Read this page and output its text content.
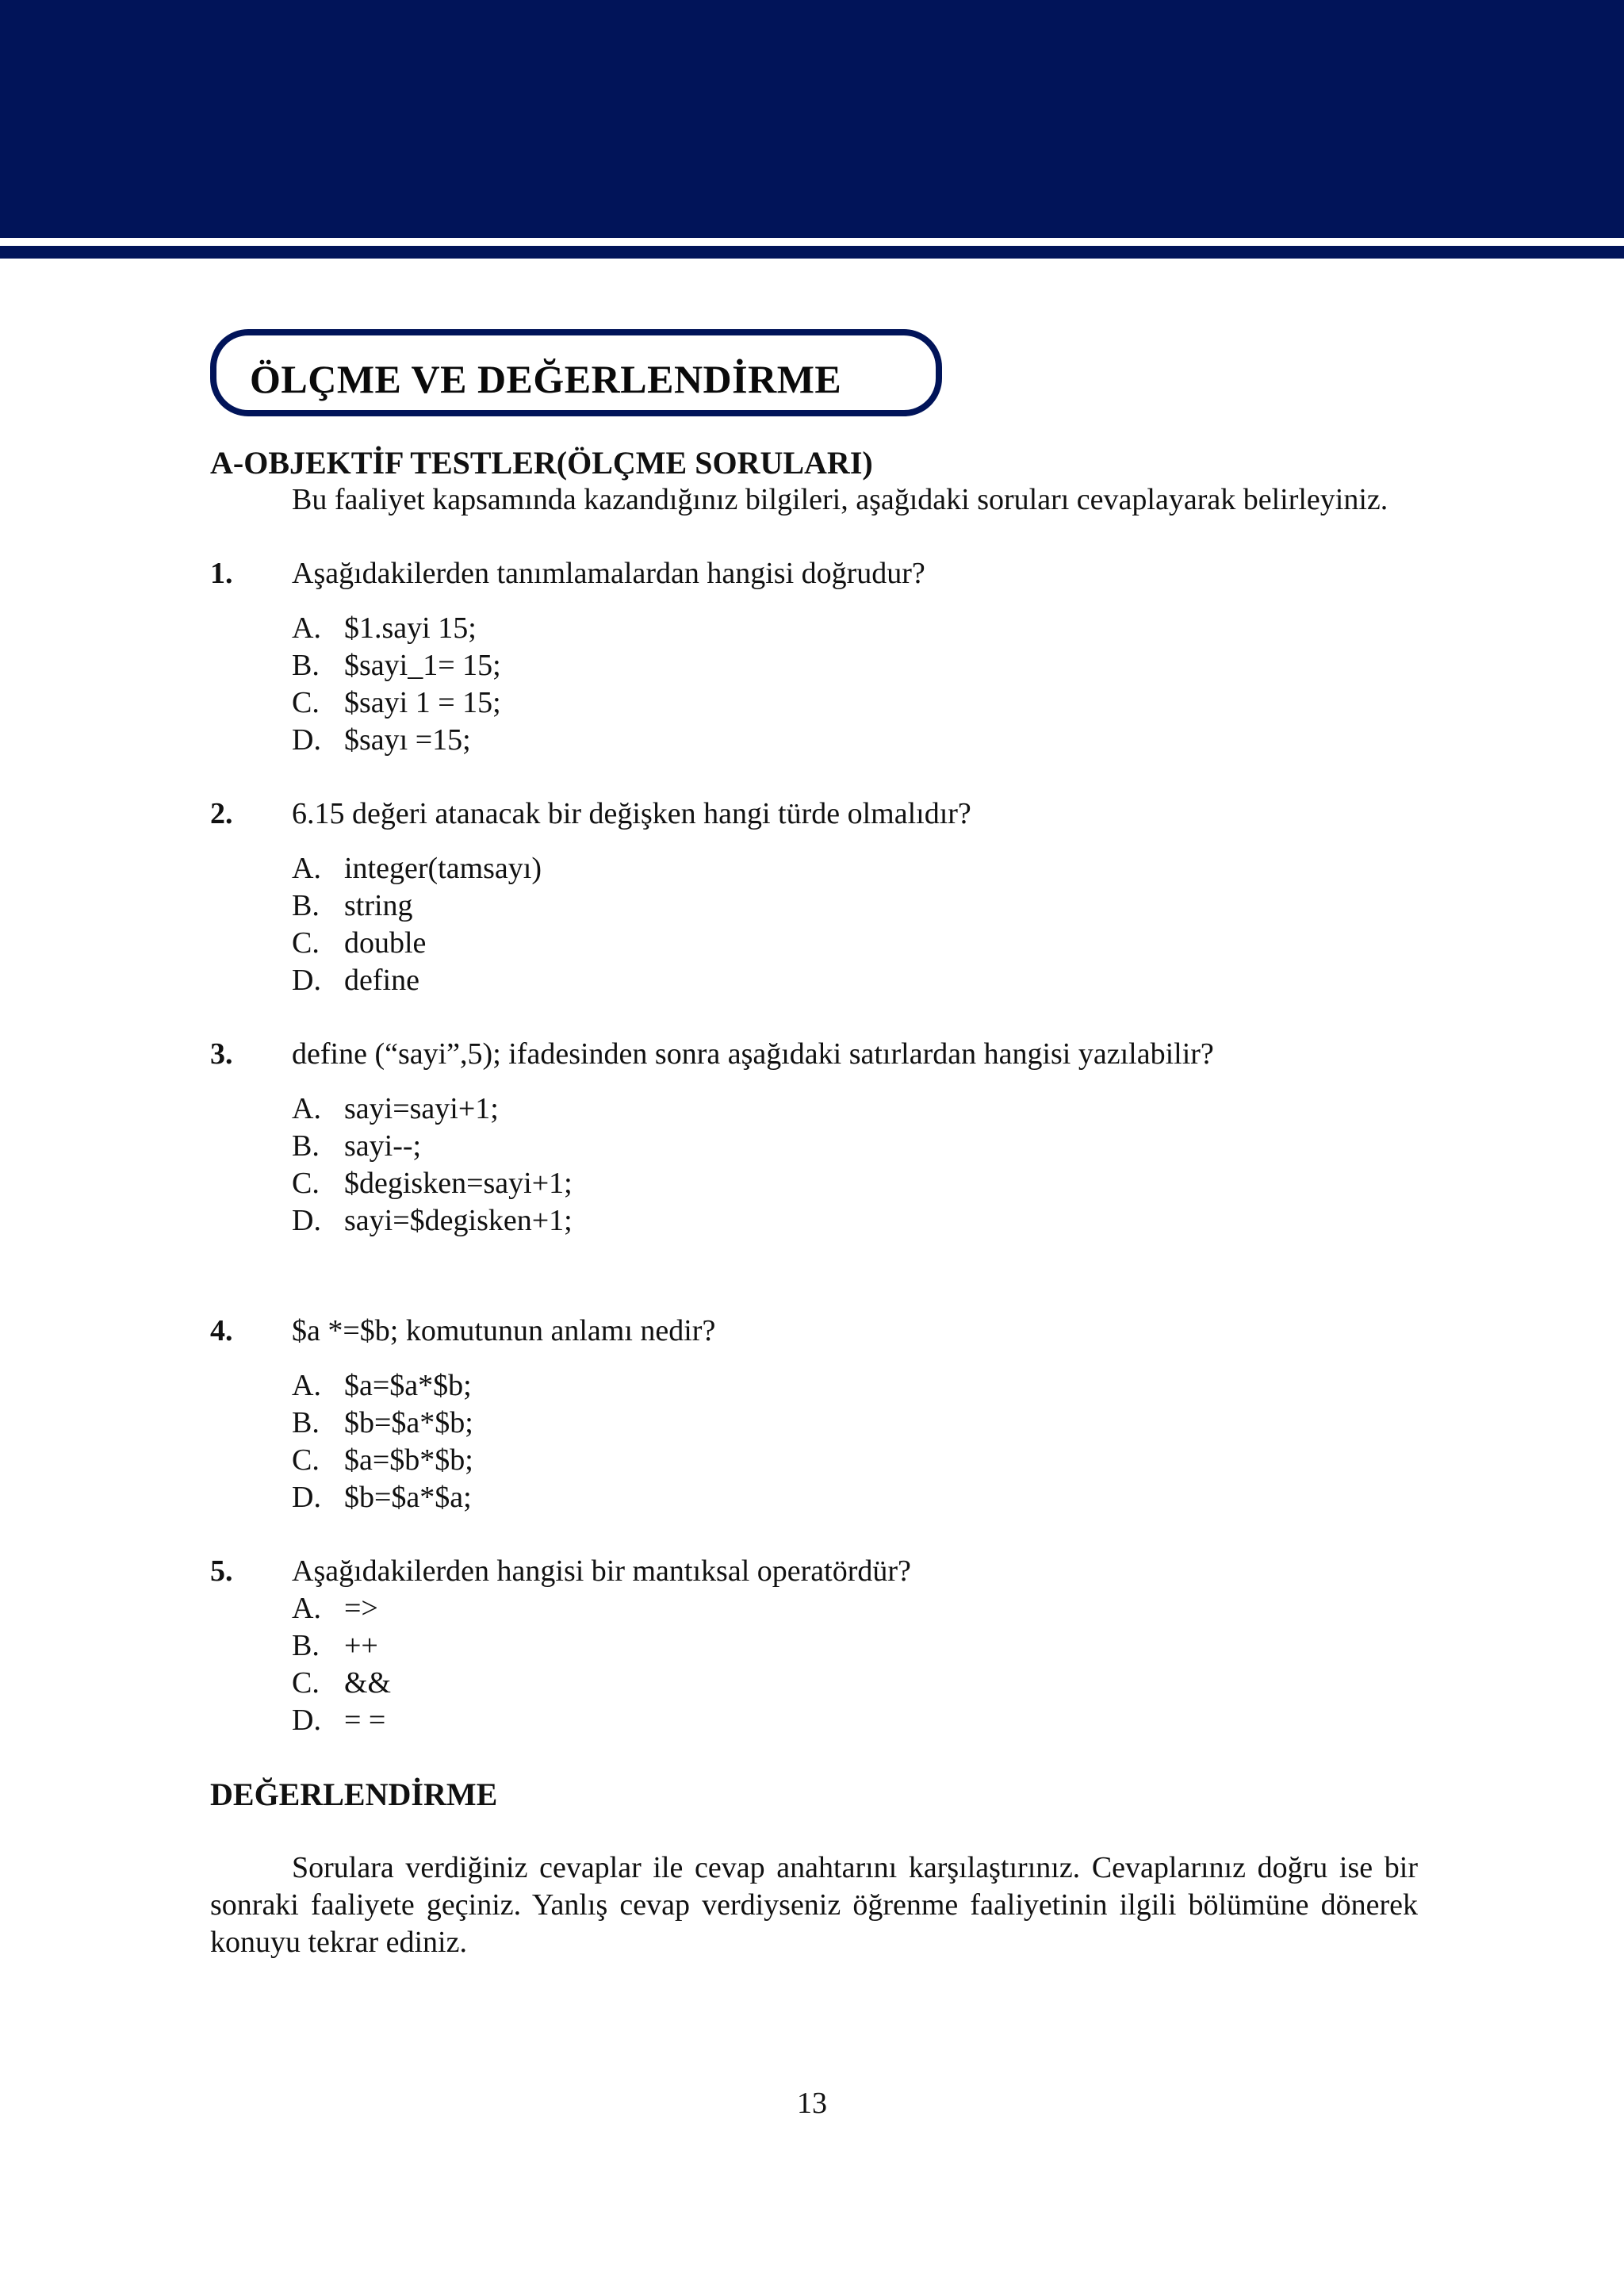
ÖLÇME VE DEĞERLENDİRME

A-OBJEKTİF TESTLER(ÖLÇME SORULARI)

Bu faaliyet kapsamında kazandığınız bilgileri, aşağıdaki soruları cevaplayarak belirleyiniz.

1. Aşağıdakilerden tanımlamalardan hangisi doğrudur?

A. $1.sayi 15;
B. $sayi_1= 15;
C. $sayi 1 = 15;
D. $sayı =15;
2. 6.15 değeri atanacak bir değişken hangi türde olmalıdır?

A. integer(tamsayı)
B. string
C. double
D. define
3. define (“sayi”,5); ifadesinden sonra aşağıdaki satırlardan hangisi yazılabilir?

A. sayi=sayi+1;
B. sayi--;
C. $degisken=sayi+1;
D. sayi=$degisken+1;
4. $a *=$b; komutunun anlamı nedir?

A. $a=$a*$b;
B. $b=$a*$b;
C. $a=$b*$b;
D. $b=$a*$a;
5. Aşağıdakilerden hangisi bir mantıksal operatördür?

A. =>
B. ++
C. &&
D. = =

DEĞERLENDİRME

Sorulara verdiğiniz cevaplar ile cevap anahtarını karşılaştırınız. Cevaplarınız doğru ise bir sonraki faaliyete geçiniz. Yanlış cevap verdiyseniz öğrenme faaliyetinin ilgili bölümüne dönerek konuyu tekrar ediniz.

13
